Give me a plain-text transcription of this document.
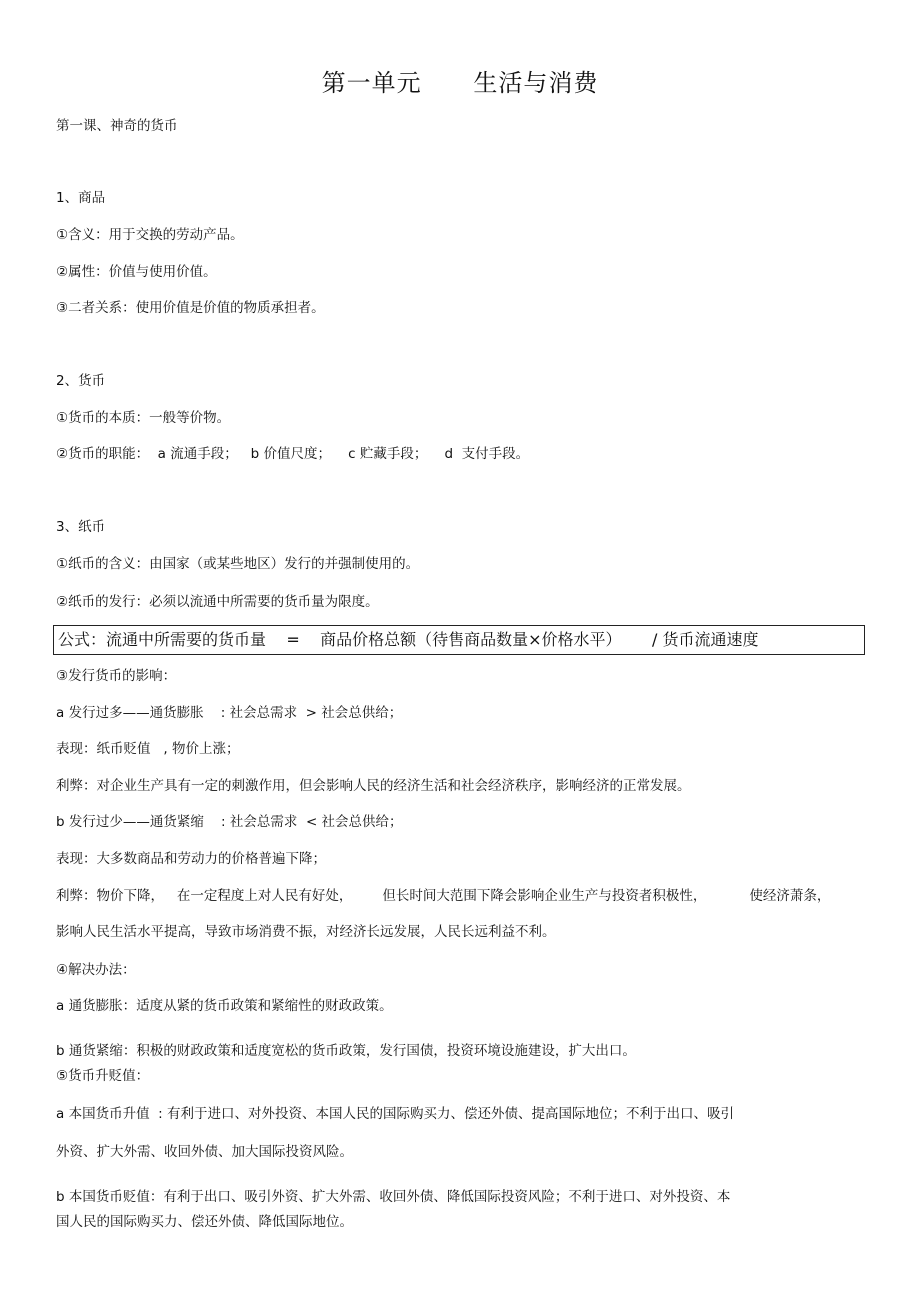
第一单元      生活与消费
第一课、神奇的货币
1、商品
①含义：用于交换的劳动产品。
②属性：价值与使用价值。
③二者关系：使用价值是价值的物质承担者。
2、货币
①货币的本质：一般等价物。
②货币的职能：  a 流通手段；   b 价值尺度；    c 贮藏手段；    d  支付手段。
3、纸币
①纸币的含义：由国家（或某些地区）发行的并强制使用的。
②纸币的发行：必须以流通中所需要的货币量为限度。
公式：流通中所需要的货币量    =    商品价格总额（待售商品数量×价格水平）      / 货币流通速度
③发行货币的影响：
a 发行过多——通货膨胀    : 社会总需求  > 社会总供给；
表现：纸币贬值   , 物价上涨；
利弊：对企业生产具有一定的刺激作用，但会影响人民的经济生活和社会经济秩序，影响经济的正常发展。
b 发行过少——通货紧缩    : 社会总需求  < 社会总供给；
表现：大多数商品和劳动力的价格普遍下降；
利弊：物价下降，   在一定程度上对人民有好处，       但长时间大范围下降会影响企业生产与投资者积极性，          使经济萧条，
影响人民生活水平提高，导致市场消费不振，对经济长远发展，人民长远利益不利。
④解决办法：
a 通货膨胀：适度从紧的货币政策和紧缩性的财政政策。
b 通货紧缩：积极的财政政策和适度宽松的货币政策，发行国债，投资环境设施建设，扩大出口。
⑤货币升贬值：
a 本国货币升值  : 有利于进口、对外投资、本国人民的国际购买力、偿还外债、提高国际地位；不利于出口、吸引
外资、扩大外需、收回外债、加大国际投资风险。
b 本国货币贬值：有利于出口、吸引外资、扩大外需、收回外债、降低国际投资风险；不利于进口、对外投资、本
国人民的国际购买力、偿还外债、降低国际地位。
